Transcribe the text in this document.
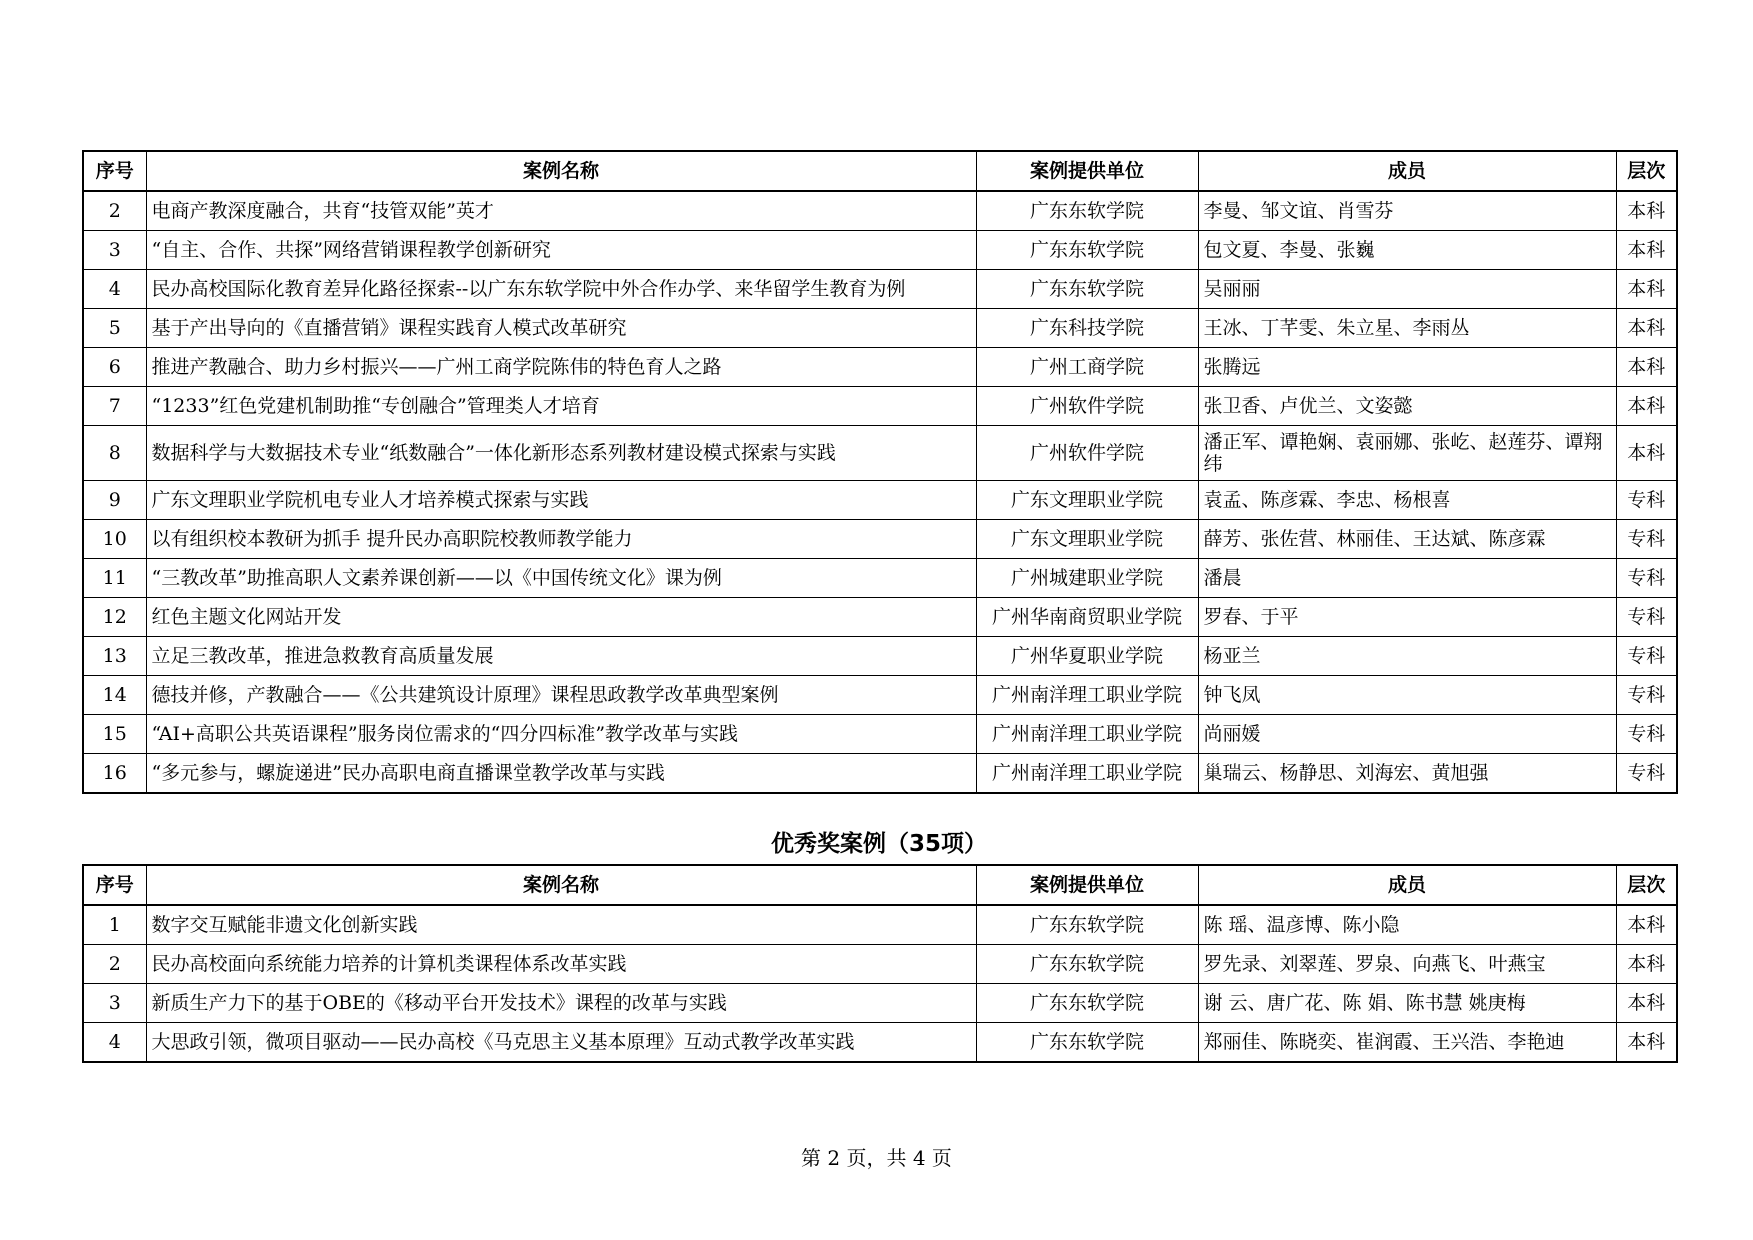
序号	案例名称	案例提供单位	成员	层次
2	电商产教深度融合，共育“技管双能”英才	广东东软学院	李曼、邹文谊、肖雪芬	本科
3	“自主、合作、共探”网络营销课程教学创新研究	广东东软学院	包文夏、李曼、张巍	本科
4	民办高校国际化教育差异化路径探索--以广东东软学院中外合作办学、来华留学生教育为例	广东东软学院	吴丽丽	本科
5	基于产出导向的《直播营销》课程实践育人模式改革研究	广东科技学院	王冰、丁芊雯、朱立星、李雨丛	本科
6	推进产教融合、助力乡村振兴——广州工商学院陈伟的特色育人之路	广州工商学院	张腾远	本科
7	“1233”红色党建机制助推“专创融合”管理类人才培育	广州软件学院	张卫香、卢优兰、文姿懿	本科
8	数据科学与大数据技术专业“纸数融合”一体化新形态系列教材建设模式探索与实践	广州软件学院	潘正军、谭艳娴、袁丽娜、张屹、赵莲芬、谭翔纬	本科
9	广东文理职业学院机电专业人才培养模式探索与实践	广东文理职业学院	袁孟、陈彦霖、李忠、杨根喜	专科
10	以有组织校本教研为抓手 提升民办高职院校教师教学能力	广东文理职业学院	薛芳、张佐营、林丽佳、王达斌、陈彦霖	专科
11	“三教改革”助推高职人文素养课创新——以《中国传统文化》课为例	广州城建职业学院	潘晨	专科
12	红色主题文化网站开发	广州华南商贸职业学院	罗春、于平	专科
13	立足三教改革，推进急救教育高质量发展	广州华夏职业学院	杨亚兰	专科
14	德技并修，产教融合——《公共建筑设计原理》课程思政教学改革典型案例	广州南洋理工职业学院	钟飞凤	专科
15	“AI+高职公共英语课程”服务岗位需求的“四分四标准”教学改革与实践	广州南洋理工职业学院	尚丽媛	专科
16	“多元参与，螺旋递进”民办高职电商直播课堂教学改革与实践	广州南洋理工职业学院	巢瑞云、杨静思、刘海宏、黄旭强	专科
优秀奖案例（35项）
序号	案例名称	案例提供单位	成员	层次
1	数字交互赋能非遗文化创新实践	广东东软学院	陈 瑶、温彦博、陈小隐	本科
2	民办高校面向系统能力培养的计算机类课程体系改革实践	广东东软学院	罗先录、刘翠莲、罗泉、向燕飞、叶燕宝	本科
3	新质生产力下的基于OBE的《移动平台开发技术》课程的改革与实践	广东东软学院	谢 云、唐广花、陈 娟、陈书慧 姚庚梅	本科
4	大思政引领，微项目驱动——民办高校《马克思主义基本原理》互动式教学改革实践	广东东软学院	郑丽佳、陈晓奕、崔润霞、王兴浩、李艳迪	本科
第 2 页，共 4 页
